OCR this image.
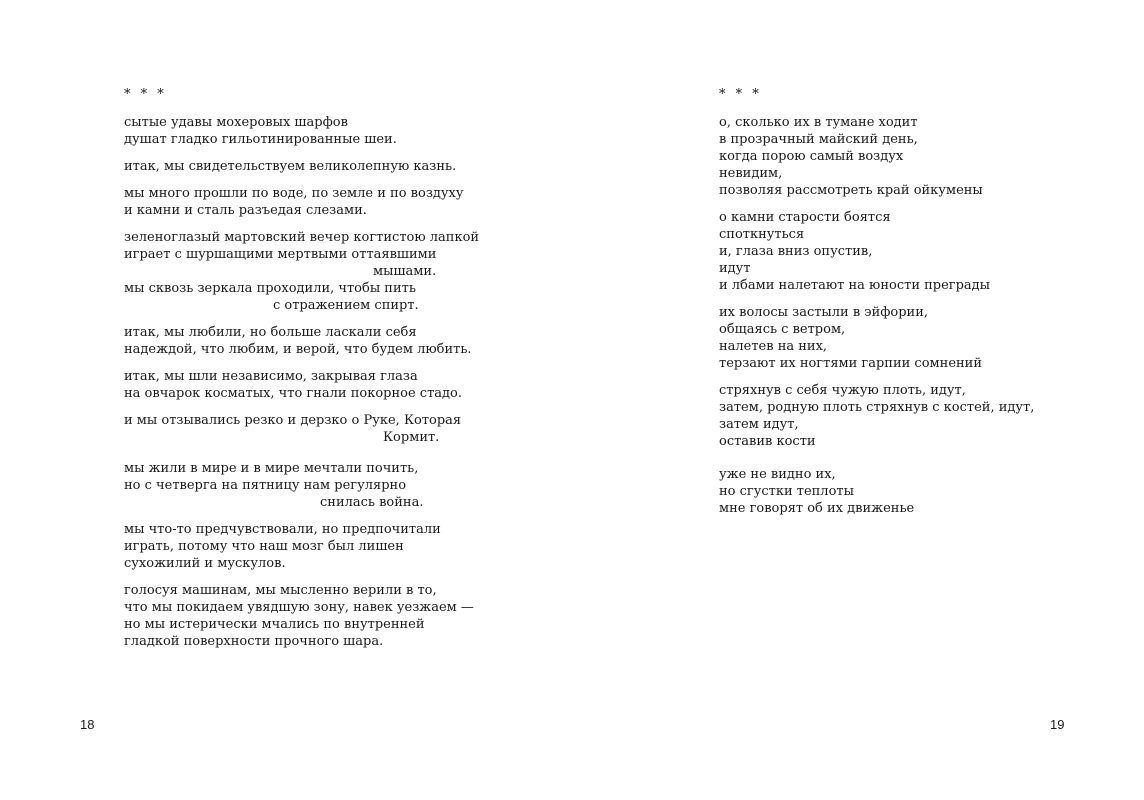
* * *
сытые удавы мохеровых шарфов
душат гладко гильотинированные шеи.
итак, мы свидетельствуем великолепную казнь.
мы много прошли по воде, по земле и по воздуху
и камни и сталь разъедая слезами.
зеленоглазый мартовский вечер когтистою лапкой
играет с шуршащими мертвыми оттаявшими
мышами.
мы сквозь зеркала проходили, чтобы пить
с отражением спирт.
итак, мы любили, но больше ласкали себя
надеждой, что любим, и верой, что будем любить.
итак, мы шли независимо, закрывая глаза
на овчарок косматых, что гнали покорное стадо.
и мы отзывались резко и дерзко о Руке, Которая
Кормит.
мы жили в мире и в мире мечтали почить,
но с четверга на пятницу нам регулярно
снилась война.
мы что-то предчувствовали, но предпочитали
играть, потому что наш мозг был лишен
сухожилий и мускулов.
голосуя машинам, мы мысленно верили в то,
что мы покидаем увядшую зону, навек уезжаем —
но мы истерически мчались по внутренней
гладкой поверхности прочного шара.
18
* * *
о, сколько их в тумане ходит
в прозрачный майский день,
когда порою самый воздух
невидим,
позволяя рассмотреть край ойкумены
о камни старости боятся
споткнуться
и, глаза вниз опустив,
идут
и лбами налетают на юности преграды
их волосы застыли в эйфории,
общаясь с ветром,
налетев на них,
терзают их ногтями гарпии сомнений
стряхнув с себя чужую плоть, идут,
затем, родную плоть стряхнув с костей, идут,
затем идут,
оставив кости
уже не видно их,
но сгустки теплоты
мне говорят об их движенье
19
